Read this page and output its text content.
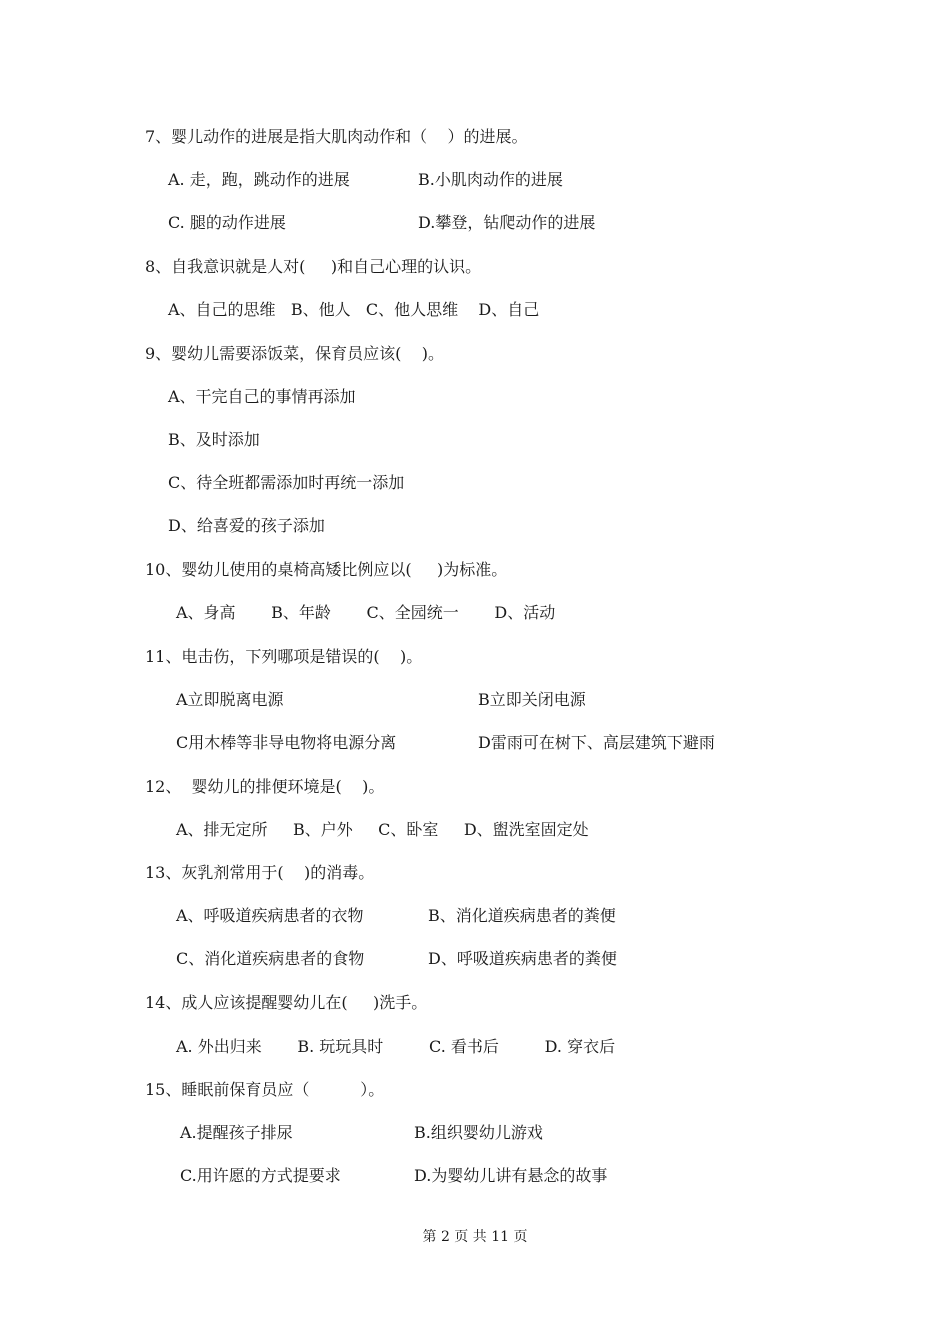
7、婴儿动作的进展是指大肌肉动作和（    ）的进展。
A. 走，跑，跳动作的进展	B.小肌肉动作的进展
C. 腿的动作进展	D.攀登，钻爬动作的进展
8、自我意识就是人对(     )和自己心理的认识。
A、自己的思维   B、他人   C、他人思维    D、自己
9、婴幼儿需要添饭菜，保育员应该(    )。
A、干完自己的事情再添加
B、及时添加
C、待全班都需添加时再统一添加
D、给喜爱的孩子添加
10、婴幼儿使用的桌椅高矮比例应以(     )为标准。
A、身高       B、年龄       C、全园统一       D、活动
11、电击伤，下列哪项是错误的(    )。
A立即脱离电源	B立即关闭电源
C用木棒等非导电物将电源分离	D雷雨可在树下、高层建筑下避雨
12、  婴幼儿的排便环境是(    )。
A、排无定所     B、户外     C、卧室     D、盥洗室固定处
13、灰乳剂常用于(    )的消毒。
A、呼吸道疾病患者的衣物	B、消化道疾病患者的粪便
C、消化道疾病患者的食物	D、呼吸道疾病患者的粪便
14、成人应该提醒婴幼儿在(     )洗手。
A. 外出归来       B. 玩玩具时         C. 看书后         D. 穿衣后
15、睡眠前保育员应（          ）。
A.提醒孩子排尿	B.组织婴幼儿游戏
C.用许愿的方式提要求	D.为婴幼儿讲有悬念的故事
第 2 页 共 11 页
